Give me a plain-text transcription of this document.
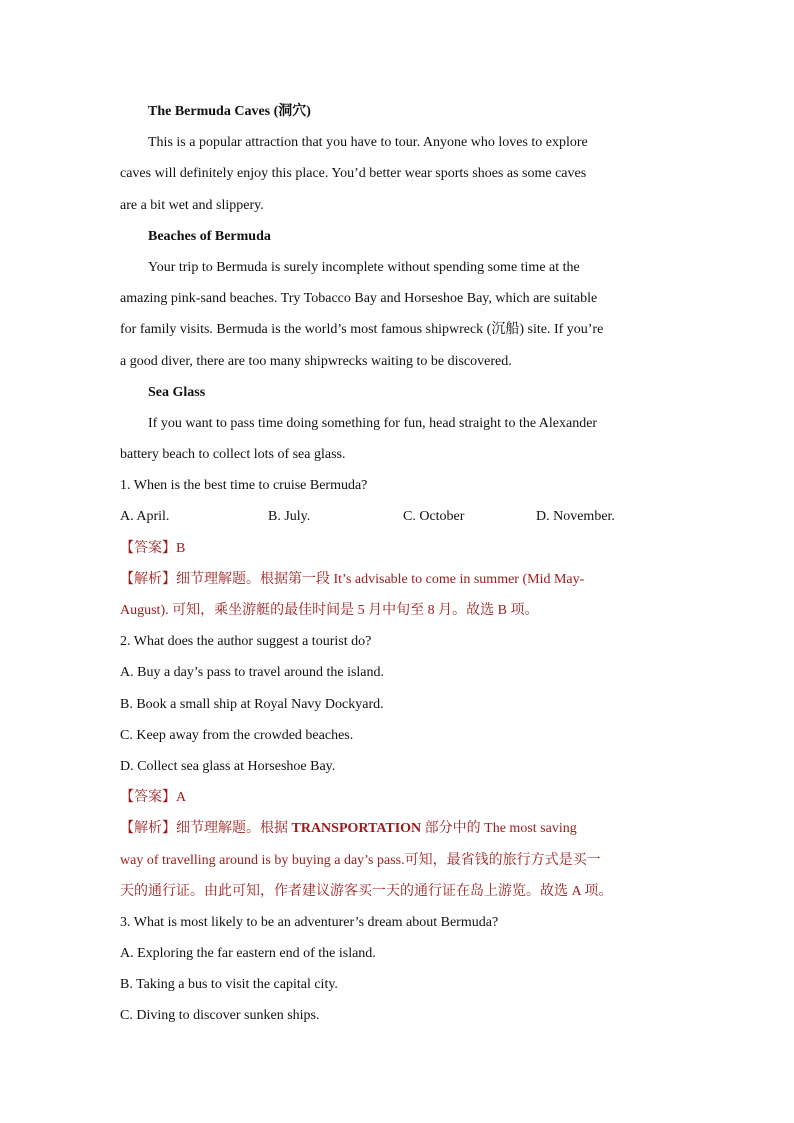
The Bermuda Caves (洞穴)
This is a popular attraction that you have to tour. Anyone who loves to explore
caves will definitely enjoy this place. You’d better wear sports shoes as some caves
are a bit wet and slippery.
Beaches of Bermuda
Your trip to Bermuda is surely incomplete without spending some time at the
amazing pink-sand beaches. Try Tobacco Bay and Horseshoe Bay, which are suitable
for family visits. Bermuda is the world’s most famous shipwreck (沉船) site. If you’re
a good diver, there are too many shipwrecks waiting to be discovered.
Sea Glass
If you want to pass time doing something for fun, head straight to the Alexander
battery beach to collect lots of sea glass.
1. When is the best time to cruise Bermuda?
A. April.	B. July.	C. October	D. November.
【答案】B
【解析】细节理解题。根据第一段 It’s advisable to come in summer (Mid May-
August). 可知，乘坐游艇的最佳时间是 5 月中旬至 8 月。故选 B 项。
2. What does the author suggest a tourist do?
A. Buy a day’s pass to travel around the island.
B. Book a small ship at Royal Navy Dockyard.
C. Keep away from the crowded beaches.
D. Collect sea glass at Horseshoe Bay.
【答案】A
【解析】细节理解题。根据 TRANSPORTATION 部分中的 The most saving
way of travelling around is by buying a day’s pass.可知，最省钱的旅行方式是买一
天的通行证。由此可知，作者建议游客买一天的通行证在岛上游览。故选 A 项。
3. What is most likely to be an adventurer’s dream about Bermuda?
A. Exploring the far eastern end of the island.
B. Taking a bus to visit the capital city.
C. Diving to discover sunken ships.
